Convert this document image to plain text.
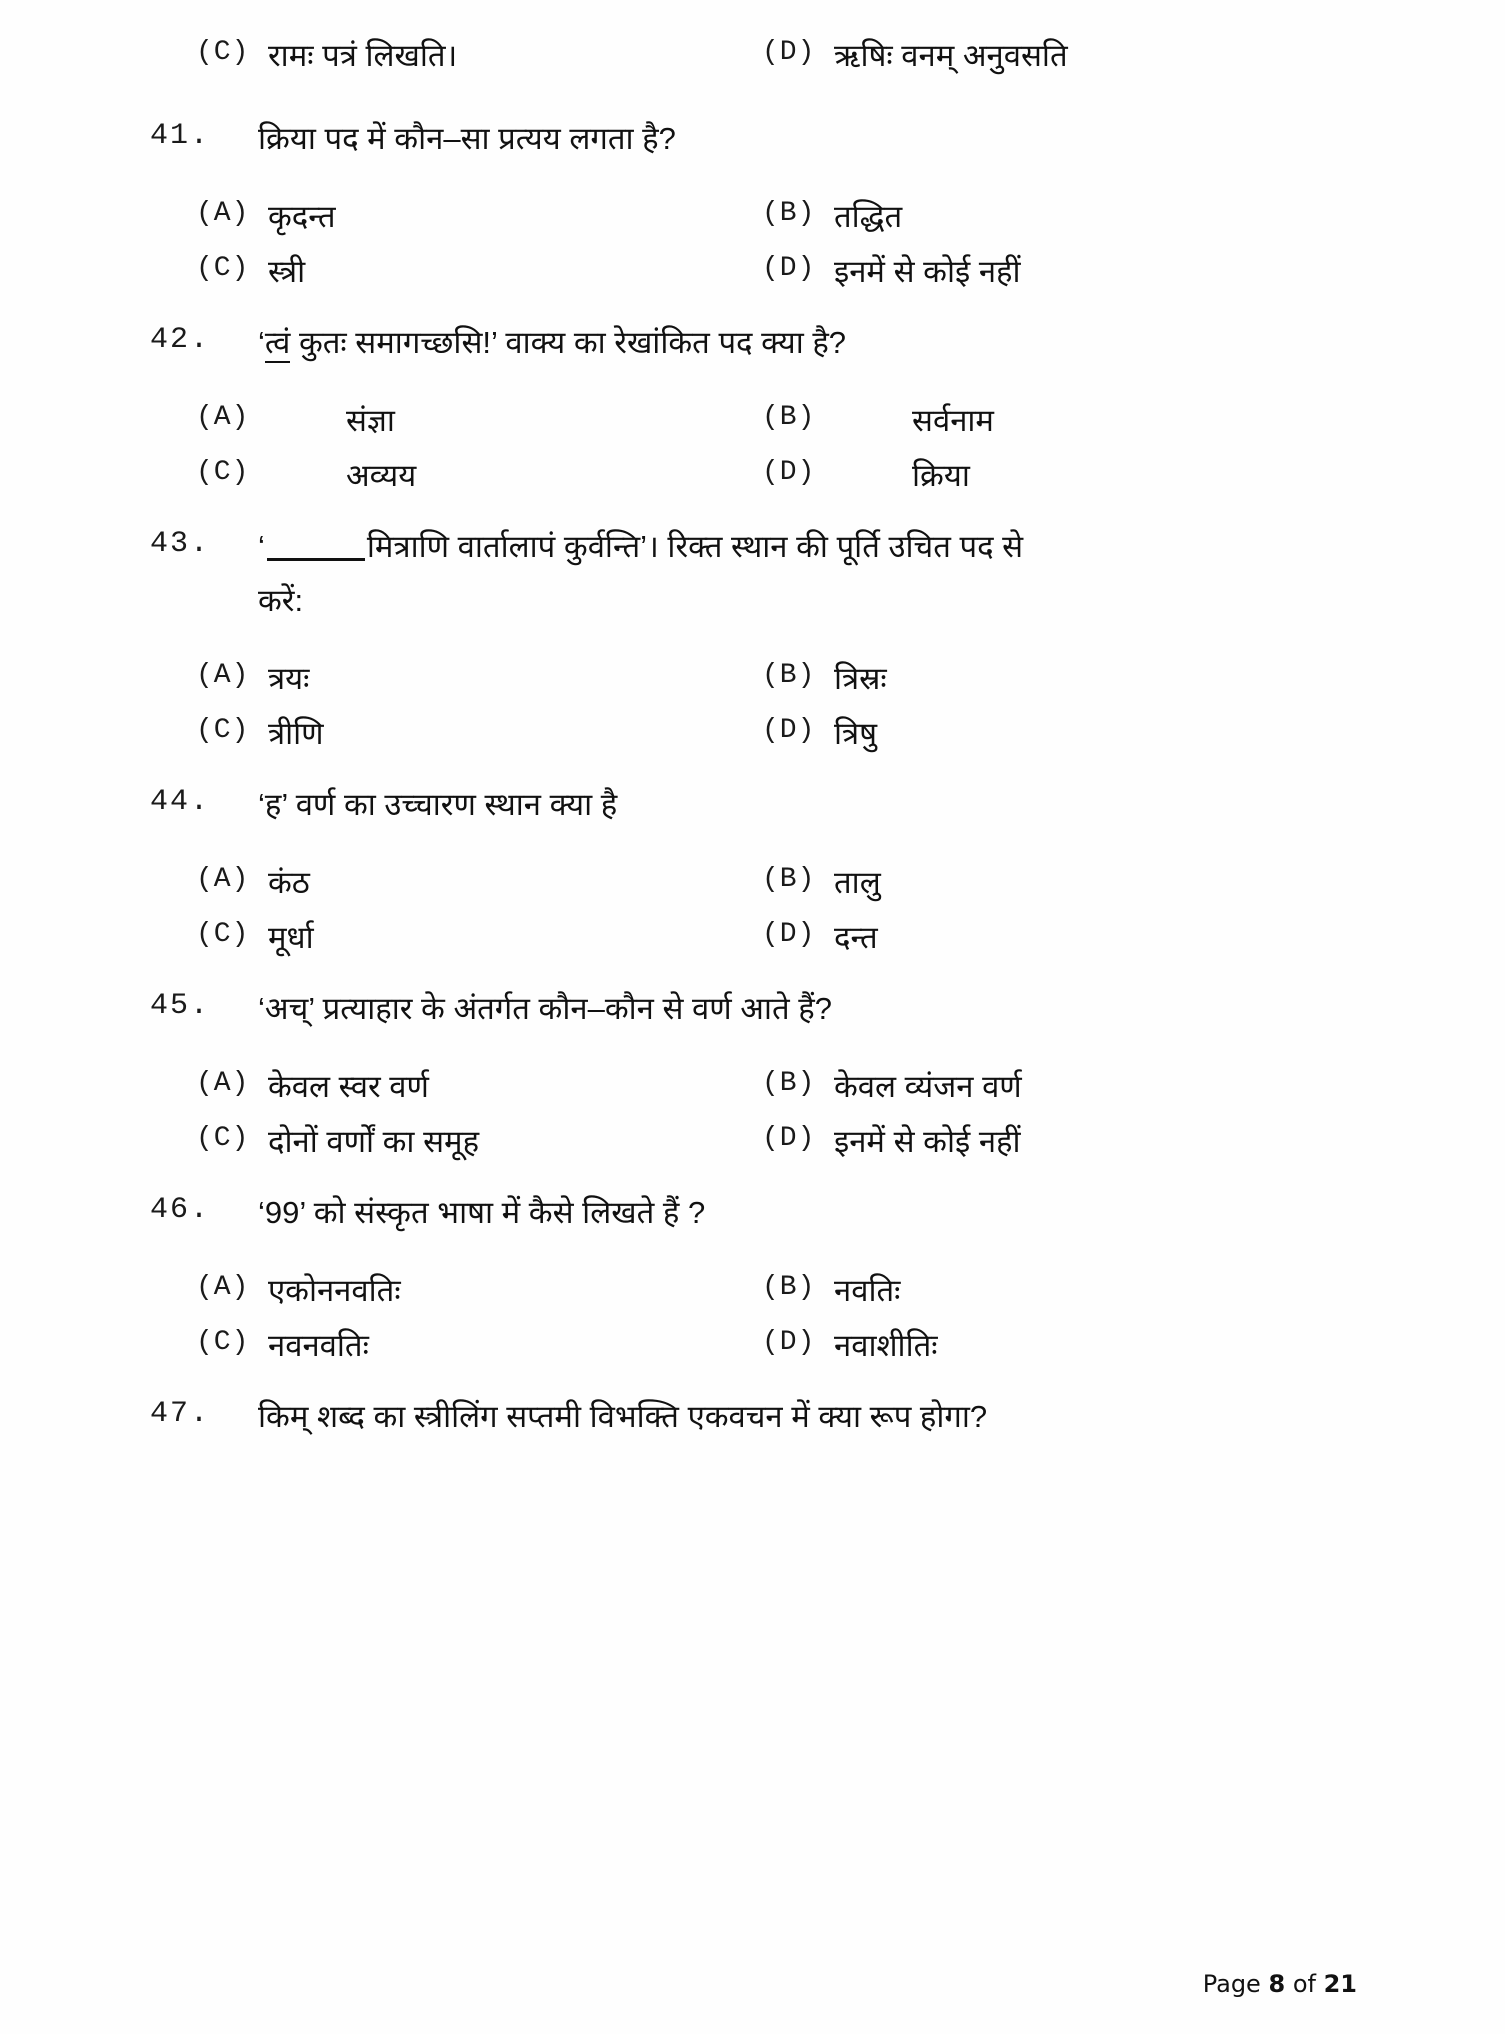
(C) रामः पत्रं लिखति।	(D) ऋषिः वनम् अनुवसति
41.	क्रिया पद में कौन–सा प्रत्यय लगता है?
(A) कृदन्त	(B) तद्धित
(C) स्त्री	(D) इनमें से कोई नहीं
42.	‘त्वं कुतः समागच्छसि!’ वाक्य का रेखांकित पद क्या है?
(A)	संज्ञा	(B)	सर्वनाम
(C)	अव्यय	(D)	क्रिया
43.	‘	मित्राणि वार्तालापं कुर्वन्ति’। रिक्त स्थान की पूर्ति उचित पद से
करें:
(A) त्रयः	(B) त्रिस्रः
(C) त्रीणि	(D) त्रिषु
44.	‘ह’ वर्ण का उच्चारण स्थान क्या है
(A) कंठ	(B) तालु
(C) मूर्धा	(D) दन्त
45.	‘अच्’ प्रत्याहार के अंतर्गत कौन–कौन से वर्ण आते हैं?
(A) केवल स्वर वर्ण	(B) केवल व्यंजन वर्ण
(C) दोनों वर्णों का समूह	(D) इनमें से कोई नहीं
46.	‘99’ को संस्कृत भाषा में कैसे लिखते हैं ?
(A) एकोननवतिः	(B) नवतिः
(C) नवनवतिः	(D) नवाशीतिः
47.	किम् शब्द का स्त्रीलिंग सप्तमी विभक्ति एकवचन में क्या रूप होगा?
Page 8 of 21
